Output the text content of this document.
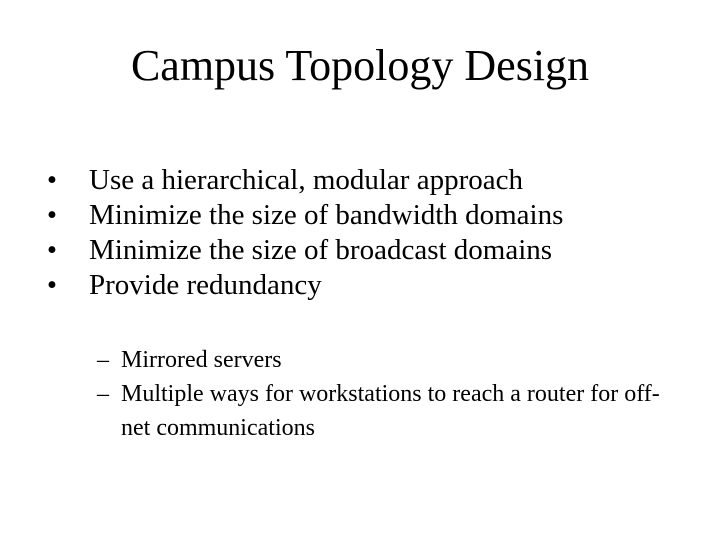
Campus Topology Design
• Use a hierarchical, modular approach
• Minimize the size of bandwidth domains
• Minimize the size of broadcast domains
• Provide redundancy
– Mirrored servers
– Multiple ways for workstations to reach a router for off-net communications
